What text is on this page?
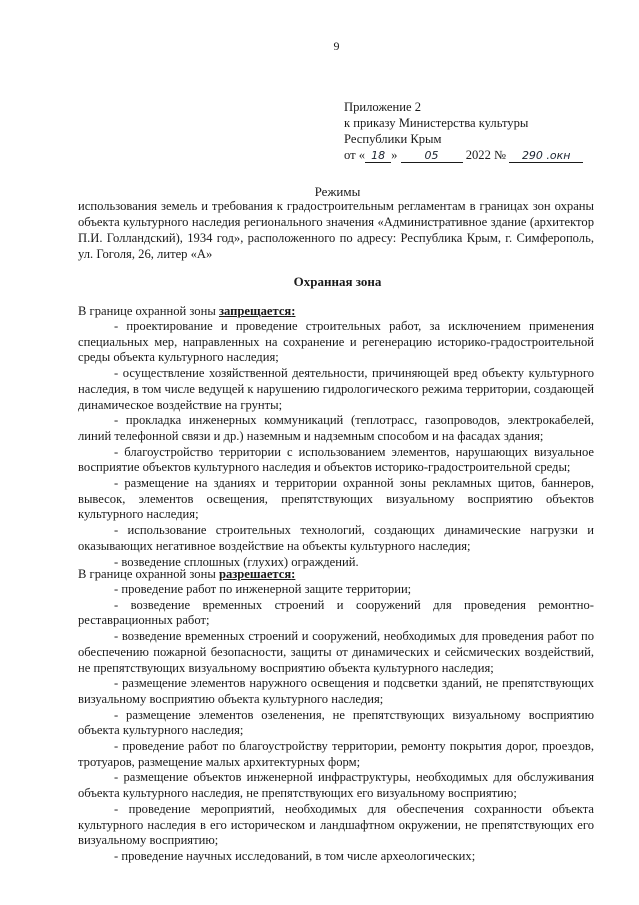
9
Приложение 2
к приказу Министерства культуры
Республики Крым
от « 18 » 05 2022 № 290 .окн
Режимы
использования земель и требования к градостроительным регламентам в границах зон охраны объекта культурного наследия регионального значения «Административное здание (архитектор П.И. Голландский), 1934 год», расположенного по адресу: Республика Крым, г. Симферополь, ул. Гоголя, 26, литер «А»
Охранная зона
В границе охранной зоны запрещается:

- проектирование и проведение строительных работ, за исключением применения специальных мер, направленных на сохранение и регенерацию историко-градостроительной среды объекта культурного наследия;

- осуществление хозяйственной деятельности, причиняющей вред объекту культурного наследия, в том числе ведущей к нарушению гидрологического режима территории, создающей динамическое воздействие на грунты;

- прокладка инженерных коммуникаций (теплотрасс, газопроводов, электрокабелей, линий телефонной связи и др.) наземным и надземным способом и на фасадах здания;

- благоустройство территории с использованием элементов, нарушающих визуальное восприятие объектов культурного наследия и объектов историко-градостроительной среды;

- размещение на зданиях и территории охранной зоны рекламных щитов, баннеров, вывесок, элементов освещения, препятствующих визуальному восприятию объектов культурного наследия;

- использование строительных технологий, создающих динамические нагрузки и оказывающих негативное воздействие на объекты культурного наследия;

- возведение сплошных (глухих) ограждений.

В границе охранной зоны разрешается:

- проведение работ по инженерной защите территории;

- возведение временных строений и сооружений для проведения ремонтно-реставрационных работ;

- возведение временных строений и сооружений, необходимых для проведения работ по обеспечению пожарной безопасности, защиты от динамических и сейсмических воздействий, не препятствующих визуальному восприятию объекта культурного наследия;

- размещение элементов наружного освещения и подсветки зданий, не препятствующих визуальному восприятию объекта культурного наследия;

- размещение элементов озеленения, не препятствующих визуальному восприятию объекта культурного наследия;

- проведение работ по благоустройству территории, ремонту покрытия дорог, проездов, тротуаров, размещение малых архитектурных форм;

- размещение объектов инженерной инфраструктуры, необходимых для обслуживания объекта культурного наследия, не препятствующих его визуальному восприятию;

- проведение мероприятий, необходимых для обеспечения сохранности объекта культурного наследия в его историческом и ландшафтном окружении, не препятствующих его визуальному восприятию;

- проведение научных исследований, в том числе археологических;
